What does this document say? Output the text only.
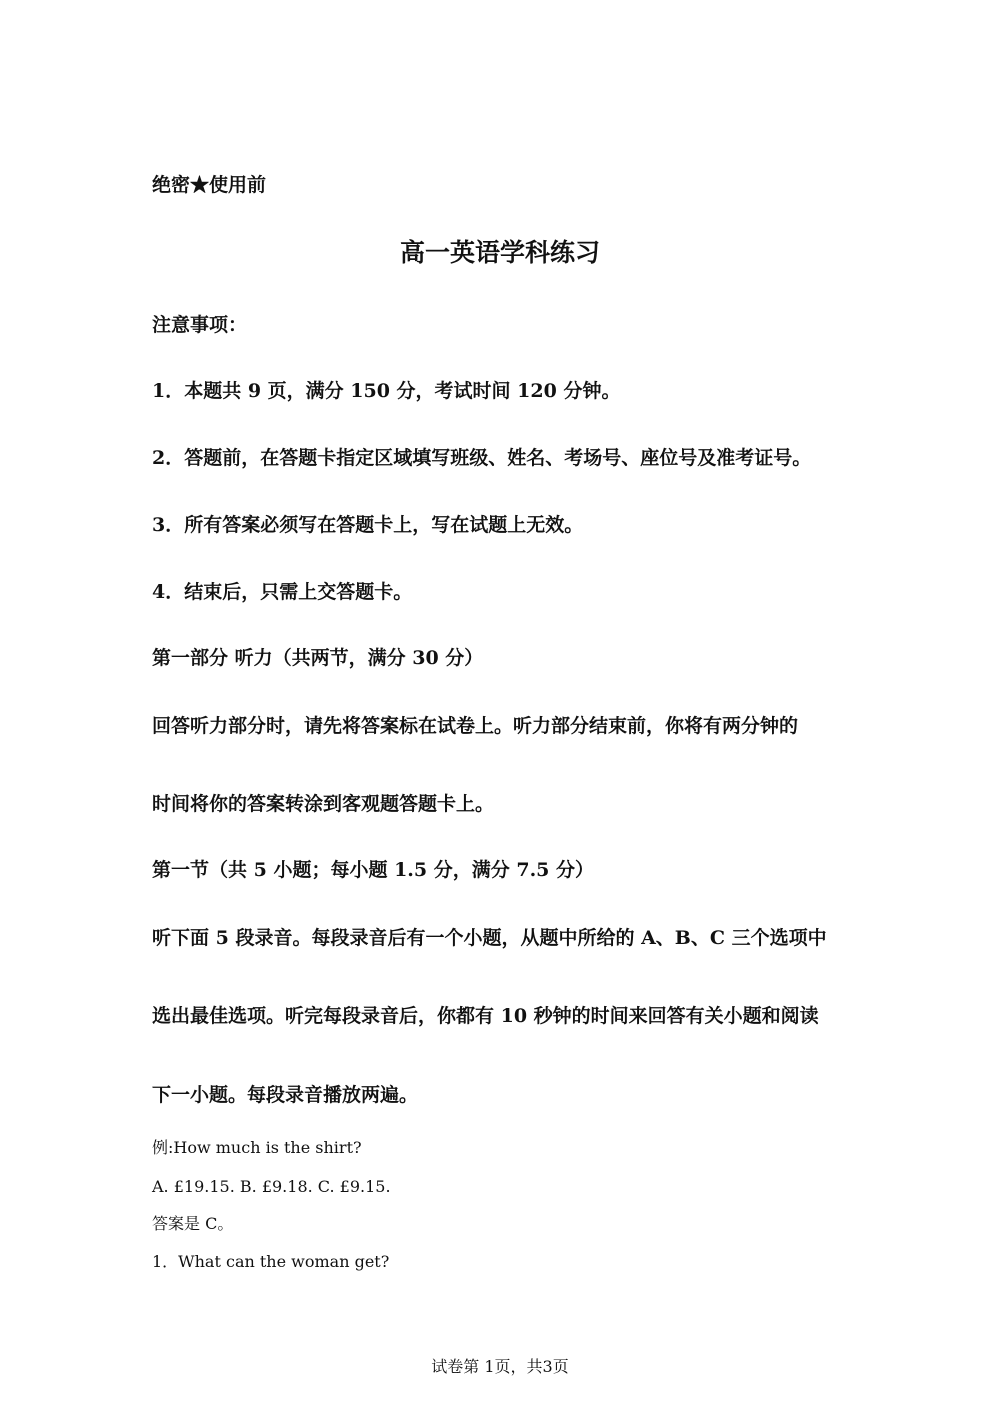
绝密★使用前
高一英语学科练习
注意事项：
1．本题共 9 页，满分 150 分，考试时间 120 分钟。
2．答题前，在答题卡指定区域填写班级、姓名、考场号、座位号及准考证号。
3．所有答案必须写在答题卡上，写在试题上无效。
4．结束后，只需上交答题卡。
第一部分 听力（共两节，满分 30 分）
回答听力部分时，请先将答案标在试卷上。听力部分结束前，你将有两分钟的
时间将你的答案转涂到客观题答题卡上。
第一节（共 5 小题；每小题 1.5 分，满分 7.5 分）
听下面 5 段录音。每段录音后有一个小题，从题中所给的 A、B、C 三个选项中
选出最佳选项。听完每段录音后，你都有 10 秒钟的时间来回答有关小题和阅读
下一小题。每段录音播放两遍。
例:How much is the shirt?
A. £19.15. B. £9.18. C. £9.15.
答案是 C。
1．What can the woman get?
试卷第 1页，共3页
